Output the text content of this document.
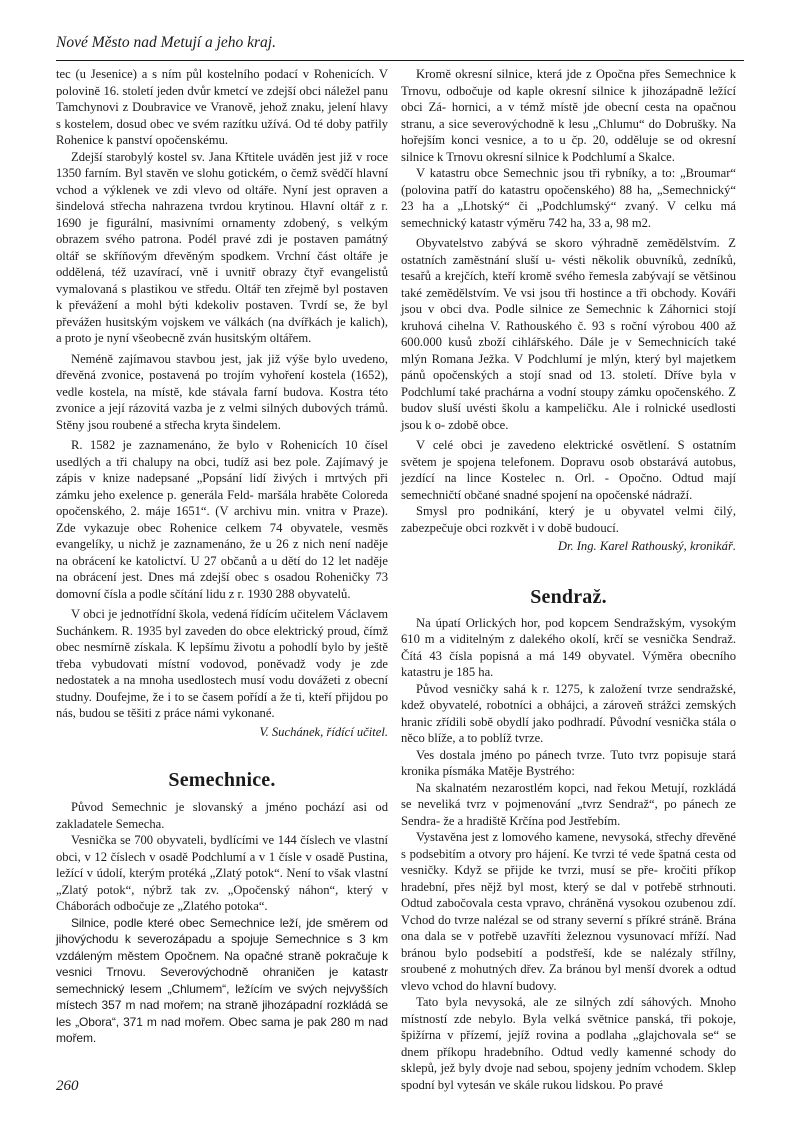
Nové Město nad Metují a jeho kraj.

tec (u Jesenice) a s ním půl kostelního podací v Rohenicích. V polovině 16. století jeden dvůr kmetcí ve zdejší obci náležel panu Tamchynovi z Doubravice ve Vranově, jehož znaku, jelení hlavy s kostelem, dosud obec ve svém razítku užívá. Od té doby patřily Rohenice k panství opočenskému.

Zdejší starobylý kostel sv. Jana Křtitele uváděn jest již v roce 1350 farním. Byl stavěn ve slohu gotickém, o čemž svědčí hlavní vchod a výklenek ve zdi vlevo od oltáře. Nyní jest opraven a šindelová střecha nahrazena tvrdou krytinou. Hlavní oltář z r. 1690 je figurální, masivními ornamenty zdobený, s velkým obrazem svého patrona. Podél pravé zdi je postaven památný oltář se skříňovým dřevěným spodkem. Vrchní část oltáře je oddělená, též uzavírací, vně i uvnitř obrazy čtyř evangelistů vymalovaná s plastikou ve středu. Oltář ten zřejmě byl postaven k převážení a mohl býti kdekoliv postaven. Tvrdí se, že byl převážen husitským vojskem ve válkách (na dvířkách je kalich), a proto je nyní všeobecně zván husitským oltářem.

Neméně zajímavou stavbou jest, jak již výše bylo uvedeno, dřevěná zvonice, postavená po trojím vyhoření kostela (1652), vedle kostela, na místě, kde stávala farní budova. Kostra této zvonice a její rázovitá vazba je z velmi silných dubových trámů. Stěny jsou roubené a střecha kryta šindelem.

R. 1582 je zaznamenáno, že bylo v Rohenicích 10 čísel usedlých a tři chalupy na obci, tudíž asi bez pole. Zajímavý je zápis v knize nadepsané „Popsání lidí živých i mrtvých při zámku jeho exelence p. generála Feld- maršála hraběte Coloreda opočenského, 2. máje 1651“. (V archivu min. vnitra v Praze). Zde vykazuje obec Rohenice celkem 74 obyvatele, vesměs evangelíky, u nichž je zaznamenáno, že u 26 z nich není naděje na obrácení ke katolictví. U 27 občanů a u dětí do 12 let naděje na obrácení jest. Dnes má zdejší obec s osadou Roheničky 73 domovní čísla a podle sčítání lidu z r. 1930 288 obyvatelů.

V obci je jednotřídní škola, vedená řídícím učitelem Václavem Suchánkem. R. 1935 byl zaveden do obce elektrický proud, čímž obec nesmírně získala. K lepšímu životu a pohodlí bylo by ještě třeba vybudovati místní vodovod, poněvadž vody je zde nedostatek a na mnoha usedlostech musí vodu dovážeti z obecní studny. Doufejme, že i to se časem pořídí a že ti, kteří přijdou po nás, budou se těšiti z práce námi vykonané.

V. Suchánek, řídící učitel.

Semechnice.

Původ Semechnic je slovanský a jméno pochází asi od zakladatele Semecha.

Vesnička se 700 obyvateli, bydlícími ve 144 číslech ve vlastní obci, v 12 číslech v osadě Podchlumí a v 1 čísle v osadě Pustina, ležící v údolí, kterým protéká „Zlatý potok“. Není to však vlastní „Zlatý potok“, nýbrž tak zv. „Opočenský náhon“, který v Cháborách odbočuje ze „Zlatého potoka“.

Silnice, podle které obec Semechnice leží, jde směrem od jihovýchodu k severozápadu a spojuje Semechnice s 3 km vzdáleným městem Opočnem. Na opačné straně pokračuje k vesnici Trnovu. Severovýchodně ohraničen je katastr semechnický lesem „Chlumem“, ležícím ve svých nejvyšších místech 357 m nad mořem; na straně jihozápadní rozkládá se les „Obora“, 371 m nad mořem. Obec sama je pak 280 m nad mořem.

Kromě okresní silnice, která jde z Opočna přes Semechnice k Trnovu, odbočuje od kaple okresní silnice k jihozápadně ležící obci Zá- hornici, a v témž místě jde obecní cesta na opačnou stranu, a sice severovýchodně k lesu „Chlumu“ do Dobrušky. Na hořejším konci vesnice, a to u čp. 20, odděluje se od okresní silnice k Trnovu okresní silnice k Podchlumí a Skalce.

V katastru obce Semechnic jsou tři rybníky, a to: „Broumar“ (polovina patří do katastru opočenského) 88 ha, „Semechnický“ 23 ha a „Lhotský“ či „Podchlumský“ zvaný. V celku má semechnický katastr výměru 742 ha, 33 a, 98 m2.

Obyvatelstvo zabývá se skoro výhradně zemědělstvím. Z ostatních zaměstnání sluší u- vésti několik obuvníků, zedníků, tesařů a krejčích, kteří kromě svého řemesla zabývají se většinou také zemědělstvím. Ve vsi jsou tři hostince a tři obchody. Kováři jsou v obci dva. Podle silnice ze Semechnic k Záhornici stojí kruhová cihelna V. Rathouského č. 93 s roční výrobou 400 až 600.000 kusů zboží cihlářského. Dále je v Semechnicích také mlýn Romana Ježka. V Podchlumí je mlýn, který byl majetkem pánů opočenských a stojí snad od 13. století. Dříve byla v Podchlumí také prachárna a vodní stoupy zámku opočenského. Z budov sluší uvésti školu a kampeličku. Ale i rolnické usedlosti jsou k o- zdobě obce.

V celé obci je zavedeno elektrické osvětlení. S ostatním světem je spojena telefonem. Dopravu osob obstarává autobus, jezdící na lince Kostelec n. Orl. - Opočno. Odtud mají semechničtí občané snadné spojení na opočenské nádraží.

Smysl pro podnikání, který je u obyvatel velmi čilý, zabezpečuje obci rozkvět i v době budoucí.

Dr. Ing. Karel Rathouský, kronikář.

Sendraž.

Na úpatí Orlických hor, pod kopcem Sendražským, vysokým 610 m a viditelným z dalekého okolí, krčí se vesnička Sendraž. Čítá 43 čísla popisná a má 149 obyvatel. Výměra obecního katastru je 185 ha.

Původ vesničky sahá k r. 1275, k založení tvrze sendražské, kdež obyvatelé, robotníci a obhájci, a zároveň strážci zemských hranic zřídili sobě obydlí jako podhradí. Původní vesnička stála o něco blíže, a to poblíž tvrze.

Ves dostala jméno po pánech tvrze. Tuto tvrz popisuje stará kronika písmáka Matěje Bystrého:

Na skalnatém nezarostlém kopci, nad řekou Metují, rozkládá se neveliká tvrz v pojmenování „tvrz Sendraž“, po pánech ze Sendra- že a hradiště Krčína pod Jestřebím.

Vystavěna jest z lomového kamene, nevysoká, střechy dřevěné s podsebitím a otvory pro hájení. Ke tvrzi té vede špatná cesta od vesničky. Když se přijde ke tvrzi, musí se pře- kročiti příkop hradební, přes nějž byl most, který se dal v potřebě strhnouti. Odtud zabočovala cesta vpravo, chráněná vysokou ozubenou zdí. Vchod do tvrze nalézal se od strany severní s příkré stráně. Brána ona dala se v potřebě uzavříti železnou vysunovací mříží. Nad bránou bylo podsebití a podstřeší, kde se nalézaly střílny, sroubené z mohutných dřev. Za bránou byl menší dvorek a odtud vlevo vchod do hlavní budovy.

Tato byla nevysoká, ale ze silných zdí sáhových. Mnoho místností zde nebylo. Byla velká světnice panská, tři pokoje, špižírna v přízemí, jejíž rovina a podlaha „glajchovala se“ se dnem příkopu hradebního. Odtud vedly kamenné schody do sklepů, jež byly dvoje nad sebou, spojeny jedním vchodem. Sklep spodní byl vytesán ve skále rukou lidskou. Po pravé

260
